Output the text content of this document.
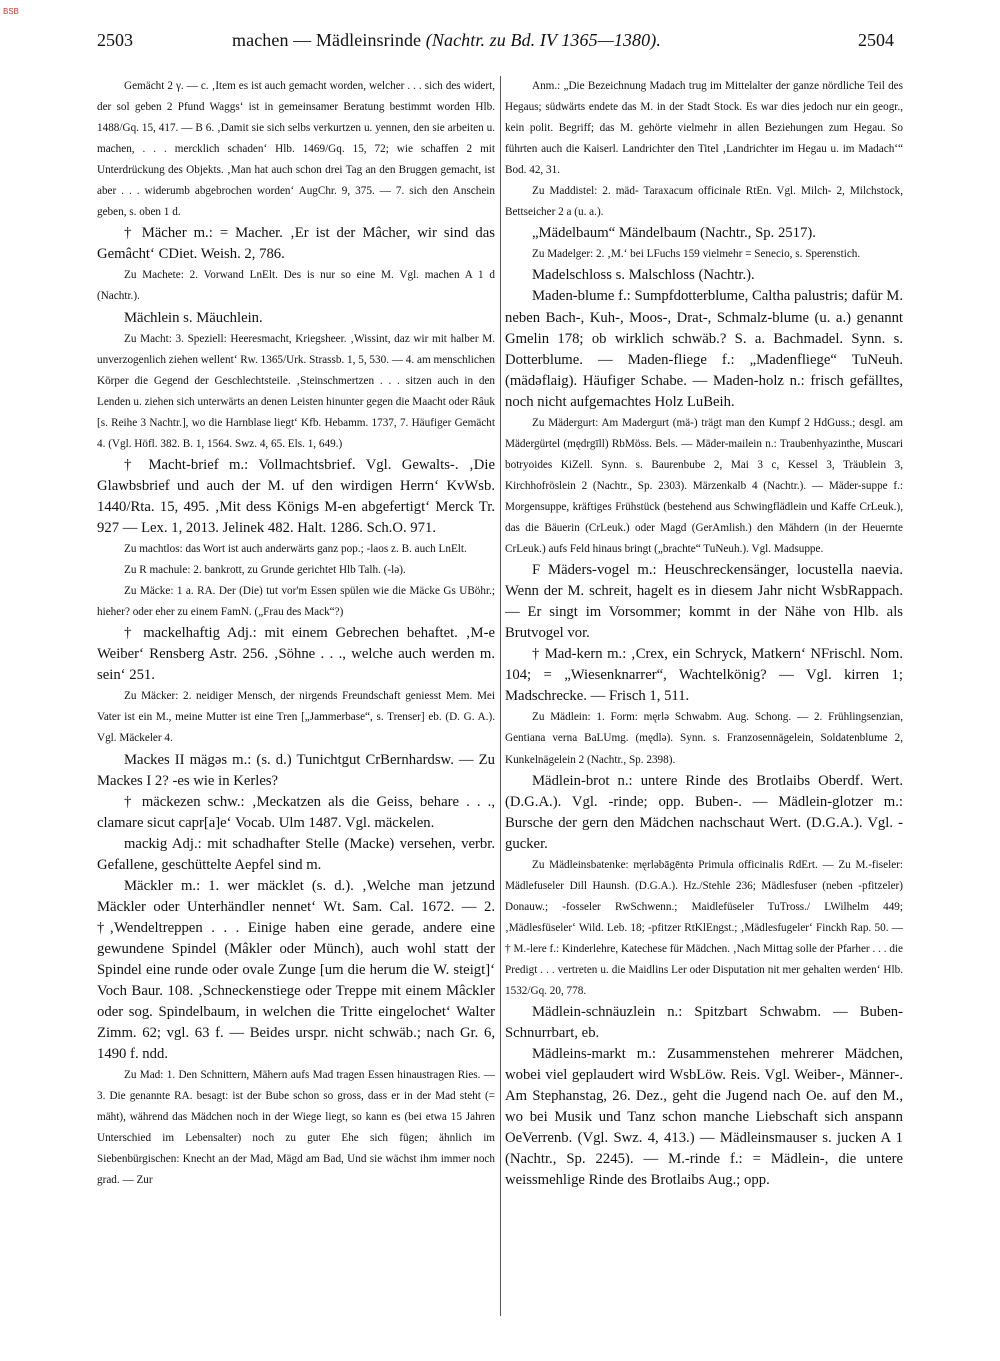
BSB
2503	machen — Mädleinsrinde (Nachtr. zu Bd. IV 1365—1380).	2504

Gemächt 2 γ. — c. ‚Item es ist auch gemacht worden, welcher . . . sich des widert, der sol geben 2 Pfund Waggs‘ ist in gemeinsamer Beratung bestimmt worden Hlb. 1488/Gq. 15, 417. — B 6. ‚Damit sie sich selbs verkurtzen u. yennen, den sie arbeiten u. machen, . . . mercklich schaden‘ Hlb. 1469/Gq. 15, 72; wie schaffen 2 mit Unterdrückung des Objekts. ‚Man hat auch schon drei Tag an den Bruggen gemacht, ist aber . . . widerumb abgebrochen worden‘ AugChr. 9, 375. — 7. sich den Anschein geben, s. oben 1 d.

† Mächer m.: = Macher. ‚Er ist der Mâcher, wir sind das Gemâcht‘ CDiet. Weish. 2, 786.

Zu Machete: 2. Vorwand LnElt. Des is nur so eine M. Vgl. machen A 1 d (Nachtr.).

Mächlein s. Mäuchlein.

Zu Macht: 3. Speziell: Heeresmacht, Kriegsheer. ‚Wissint, daz wir mit halber M. unverzogenlich ziehen wellent‘ Rw. 1365/Urk. Strassb. 1, 5, 530. — 4. am menschlichen Körper die Gegend der Geschlechtsteile. ‚Steinschmertzen . . . sitzen auch in den Lenden u. ziehen sich unterwärts an denen Leisten hinunter gegen die Maacht oder Râuk [s. Reihe 3 Nachtr.], wo die Harnblase liegt‘ Kfb. Hebamm. 1737, 7. Häufiger Gemächt 4. (Vgl. Höfl. 382. B. 1, 1564. Swz. 4, 65. Els. 1, 649.)

† Macht-brief m.: Vollmachtsbrief. Vgl. Gewalts-. ‚Die Glawbsbrief und auch der M. uf den wirdigen Herrn‘ KvWsb. 1440/Rta. 15, 495. ‚Mit dess Königs M-en abgefertigt‘ Merck Tr. 927 — Lex. 1, 2013. Jelinek 482. Halt. 1286. Sch.O. 971.

Zu machtlos: das Wort ist auch anderwärts ganz pop.; -laos z. B. auch LnElt.

Zu R machule: 2. bankrott, zu Grunde gerichtet Hlb Talh. (-lə).

Zu Mäcke: 1 a. RA. Der (Die) tut vor'm Essen spülen wie die Mäcke Gs UBöhr.; hieher? oder eher zu einem FamN. („Frau des Mack“?)

† mackelhaftig Adj.: mit einem Gebrechen behaftet. ‚M-e Weiber‘ Rensberg Astr. 256. ‚Söhne . . ., welche auch werden m. sein‘ 251.

Zu Mäcker: 2. neidiger Mensch, der nirgends Freundschaft geniesst Mem. Mei Vater ist ein M., meine Mutter ist eine Tren [„Jammerbase“, s. Trenser] eb. (D. G. A.). Vgl. Mäckeler 4.

Mackes II mägəs m.: (s. d.) Tunichtgut CrBernhardsw. — Zu Mackes I 2? -es wie in Kerles?

† mäckezen schw.: ‚Meckatzen als die Geiss, behare . . ., clamare sicut capr[a]e‘ Vocab. Ulm 1487. Vgl. mäckelen.

mackig Adj.: mit schadhafter Stelle (Macke) versehen, verbr. Gefallene, geschüttelte Aepfel sind m.

Mäckler m.: 1. wer mäcklet (s. d.). ‚Welche man jetzund Mäckler oder Unterhändler nennet‘ Wt. Sam. Cal. 1672. — 2. †‚Wendeltreppen . . . Einige haben eine gerade, andere eine gewundene Spindel (Mâkler oder Münch), auch wohl statt der Spindel eine runde oder ovale Zunge [um die herum die W. steigt]‘ Voch Baur. 108. ‚Schneckenstiege oder Treppe mit einem Mâckler oder sog. Spindelbaum, in welchen die Tritte eingelochet‘ Walter Zimm. 62; vgl. 63 f. — Beides urspr. nicht schwäb.; nach Gr. 6, 1490 f. ndd.

Zu Mad: 1. Den Schnittern, Mähern aufs Mad tragen Essen hinaustragen Ries. — 3. Die genannte RA. besagt: ist der Bube schon so gross, dass er in der Mad steht (= mäht), während das Mädchen noch in der Wiege liegt, so kann es (bei etwa 15 Jahren Unterschied im Lebensalter) noch zu guter Ehe sich fügen; ähnlich im Siebenbürgischen: Knecht an der Mad, Mägd am Bad, Und sie wächst ihm immer noch grad. — Zur

Anm.: „Die Bezeichnung Madach trug im Mittelalter der ganze nördliche Teil des Hegaus; südwärts endete das M. in der Stadt Stock. Es war dies jedoch nur ein geogr., kein polit. Begriff; das M. gehörte vielmehr in allen Beziehungen zum Hegau. So führten auch die Kaiserl. Landrichter den Titel ‚Landrichter im Hegau u. im Madach‘“ Bod. 42, 31.

Zu Maddistel: 2. mäd- Taraxacum officinale RtEn. Vgl. Milch- 2, Milchstock, Bettseicher 2 a (u. a.).

„Mädelbaum“ Mändelbaum (Nachtr., Sp. 2517).

Zu Madelger: 2. ‚M.‘ bei LFuchs 159 vielmehr = Senecio, s. Sperenstich.

Madelschloss s. Malschloss (Nachtr.).

Maden-blume f.: Sumpfdotterblume, Caltha palustris; dafür M. neben Bach-, Kuh-, Moos-, Drat-, Schmalz-blume (u. a.) genannt Gmelin 178; ob wirklich schwäb.? S. a. Bachmadel. Synn. s. Dotterblume. — Maden-fliege f.: „Madenfliege“ TuNeuh. (mädəflaig). Häufiger Schabe. — Maden-holz n.: frisch gefälltes, noch nicht aufgemachtes Holz LuBeih.

Zu Mädergurt: Am Madergurt (mä-) trägt man den Kumpf 2 HdGuss.; desgl. am Mädergürtel (mędrgīll) RbMöss. Bels. — Mäder-mailein n.: Traubenhyazinthe, Muscari botryoides KiZell. Synn. s. Baurenbube 2, Mai 3 c, Kessel 3, Träublein 3, Kirchhofröslein 2 (Nachtr., Sp. 2303). Märzenkalb 4 (Nachtr.). — Mäder-suppe f.: Morgensuppe, kräftiges Frühstück (bestehend aus Schwingflädlein und Kaffe CrLeuk.), das die Bäuerin (CrLeuk.) oder Magd (GerAmlish.) den Mähdern (in der Heuernte CrLeuk.) aufs Feld hinaus bringt („brachte“ TuNeuh.). Vgl. Madsuppe.

F Mäders-vogel m.: Heuschreckensänger, locustella naevia. Wenn der M. schreit, hagelt es in diesem Jahr nicht WsbRappach. — Er singt im Vorsommer; kommt in der Nähe von Hlb. als Brutvogel vor.

† Mad-kern m.: ‚Crex, ein Schryck, Matkern‘ NFrischl. Nom. 104; = „Wiesenknarrer“, Wachtelkönig? — Vgl. kirren 1; Madschrecke. — Frisch 1, 511.

Zu Mädlein: 1. Form: męrlə Schwabm. Aug. Schong. — 2. Frühlingsenzian, Gentiana verna BaLUmg. (mędlə). Synn. s. Franzosennägelein, Soldatenblume 2, Kunkelnägelein 2 (Nachtr., Sp. 2398).

Mädlein-brot n.: untere Rinde des Brotlaibs Oberdf. Wert. (D.G.A.). Vgl. -rinde; opp. Buben-. — Mädlein-glotzer m.: Bursche der gern den Mädchen nachschaut Wert. (D.G.A.). Vgl. -gucker.

Zu Mädleinsbatenke: męrləbāgēntə Primula officinalis RdErt. — Zu M.-fiseler: Mädlefuseler Dill Haunsh. (D.G.A.). Hz./Stehle 236; Mädlesfuser (neben -pfitzeler) Donauw.; -fosseler RwSchwenn.; Maidlefüseler TuTross./ LWilhelm 449; ‚Mädlesfüseler‘ Wild. Leb. 18; -pfitzer RtKlEngst.; ‚Mädlesfugeler‘ Finckh Rap. 50. — † M.-lere f.: Kinderlehre, Katechese für Mädchen. ‚Nach Mittag solle der Pfarher . . . die Predigt . . . vertreten u. die Maidlins Ler oder Disputation nit mer gehalten werden‘ Hlb. 1532/Gq. 20, 778.

Mädlein-schnäuzlein n.: Spitzbart Schwabm. — Buben- Schnurrbart, eb.

Mädleins-markt m.: Zusammenstehen mehrerer Mädchen, wobei viel geplaudert wird WsbLöw. Reis. Vgl. Weiber-, Männer-. Am Stephanstag, 26. Dez., geht die Jugend nach Oe. auf den M., wo bei Musik und Tanz schon manche Liebschaft sich anspann OeVerrenb. (Vgl. Swz. 4, 413.) — Mädleinsmauser s. jucken A 1 (Nachtr., Sp. 2245). — M.-rinde f.: = Mädlein-, die untere weissmehlige Rinde des Brotlaibs Aug.; opp.
